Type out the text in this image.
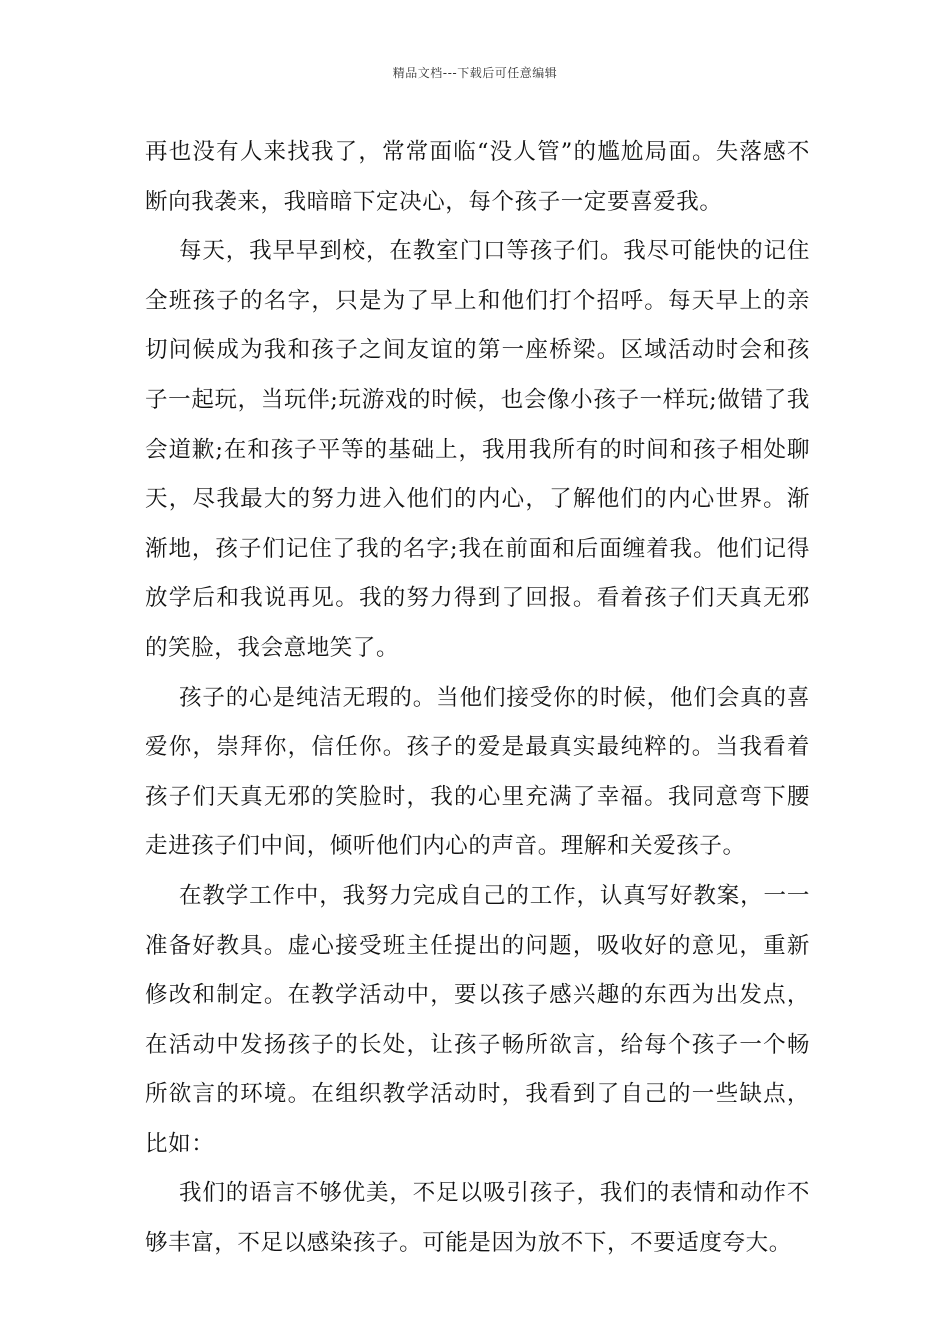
精品文档---下载后可任意编辑

再也没有人来找我了，常常面临“没人管”的尴尬局面。失落感不断向我袭来，我暗暗下定决心，每个孩子一定要喜爱我。

每天，我早早到校，在教室门口等孩子们。我尽可能快的记住全班孩子的名字，只是为了早上和他们打个招呼。每天早上的亲切问候成为我和孩子之间友谊的第一座桥梁。区域活动时会和孩子一起玩，当玩伴;玩游戏的时候，也会像小孩子一样玩;做错了我会道歉;在和孩子平等的基础上，我用我所有的时间和孩子相处聊天，尽我最大的努力进入他们的内心，了解他们的内心世界。渐渐地，孩子们记住了我的名字;我在前面和后面缠着我。他们记得放学后和我说再见。我的努力得到了回报。看着孩子们天真无邪的笑脸，我会意地笑了。

孩子的心是纯洁无瑕的。当他们接受你的时候，他们会真的喜爱你，崇拜你，信任你。孩子的爱是最真实最纯粹的。当我看着孩子们天真无邪的笑脸时，我的心里充满了幸福。我同意弯下腰走进孩子们中间，倾听他们内心的声音。理解和关爱孩子。

在教学工作中，我努力完成自己的工作，认真写好教案，一一准备好教具。虚心接受班主任提出的问题，吸收好的意见，重新修改和制定。在教学活动中，要以孩子感兴趣的东西为出发点，在活动中发扬孩子的长处，让孩子畅所欲言，给每个孩子一个畅所欲言的环境。在组织教学活动时，我看到了自己的一些缺点，比如：

我们的语言不够优美，不足以吸引孩子，我们的表情和动作不够丰富，不足以感染孩子。可能是因为放不下，不要适度夸大。
